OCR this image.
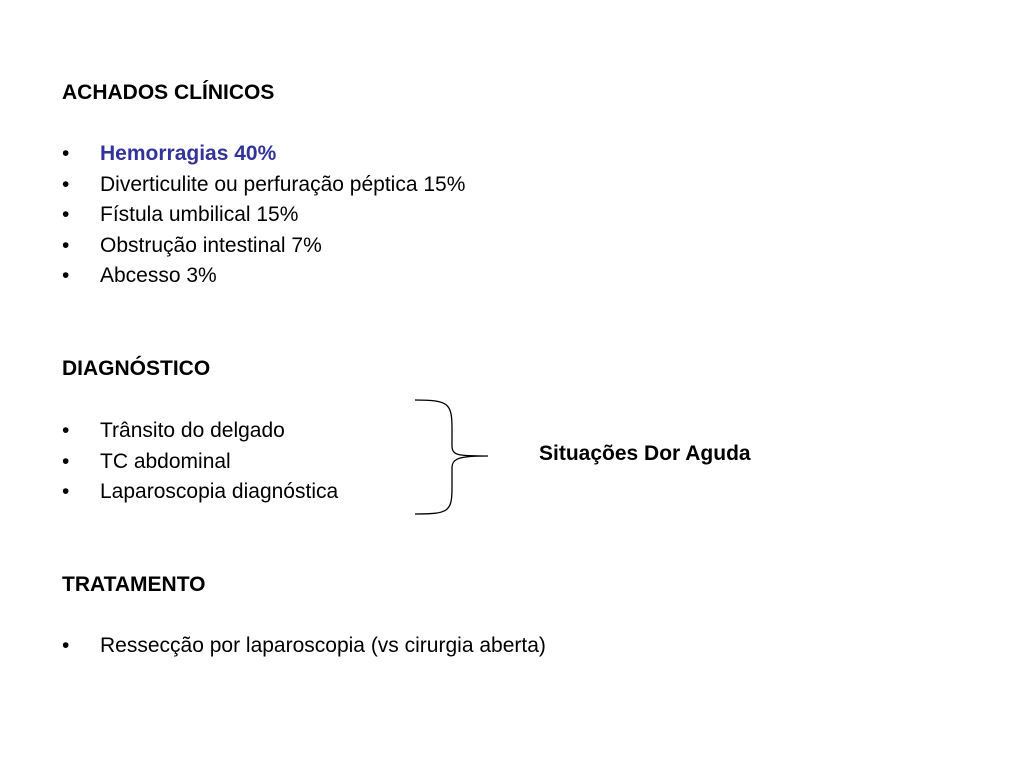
ACHADOS CLÍNICOS
•	Hemorragias 40%
•	Diverticulite ou perfuração péptica 15%
•	Fístula umbilical 15%
•	Obstrução intestinal 7%
•	Abcesso 3%
DIAGNÓSTICO
•	Trânsito do delgado
•	TC abdominal
•	Laparoscopia diagnóstica
Situações Dor Aguda
TRATAMENTO
•	Ressecção por laparoscopia (vs cirurgia aberta)
